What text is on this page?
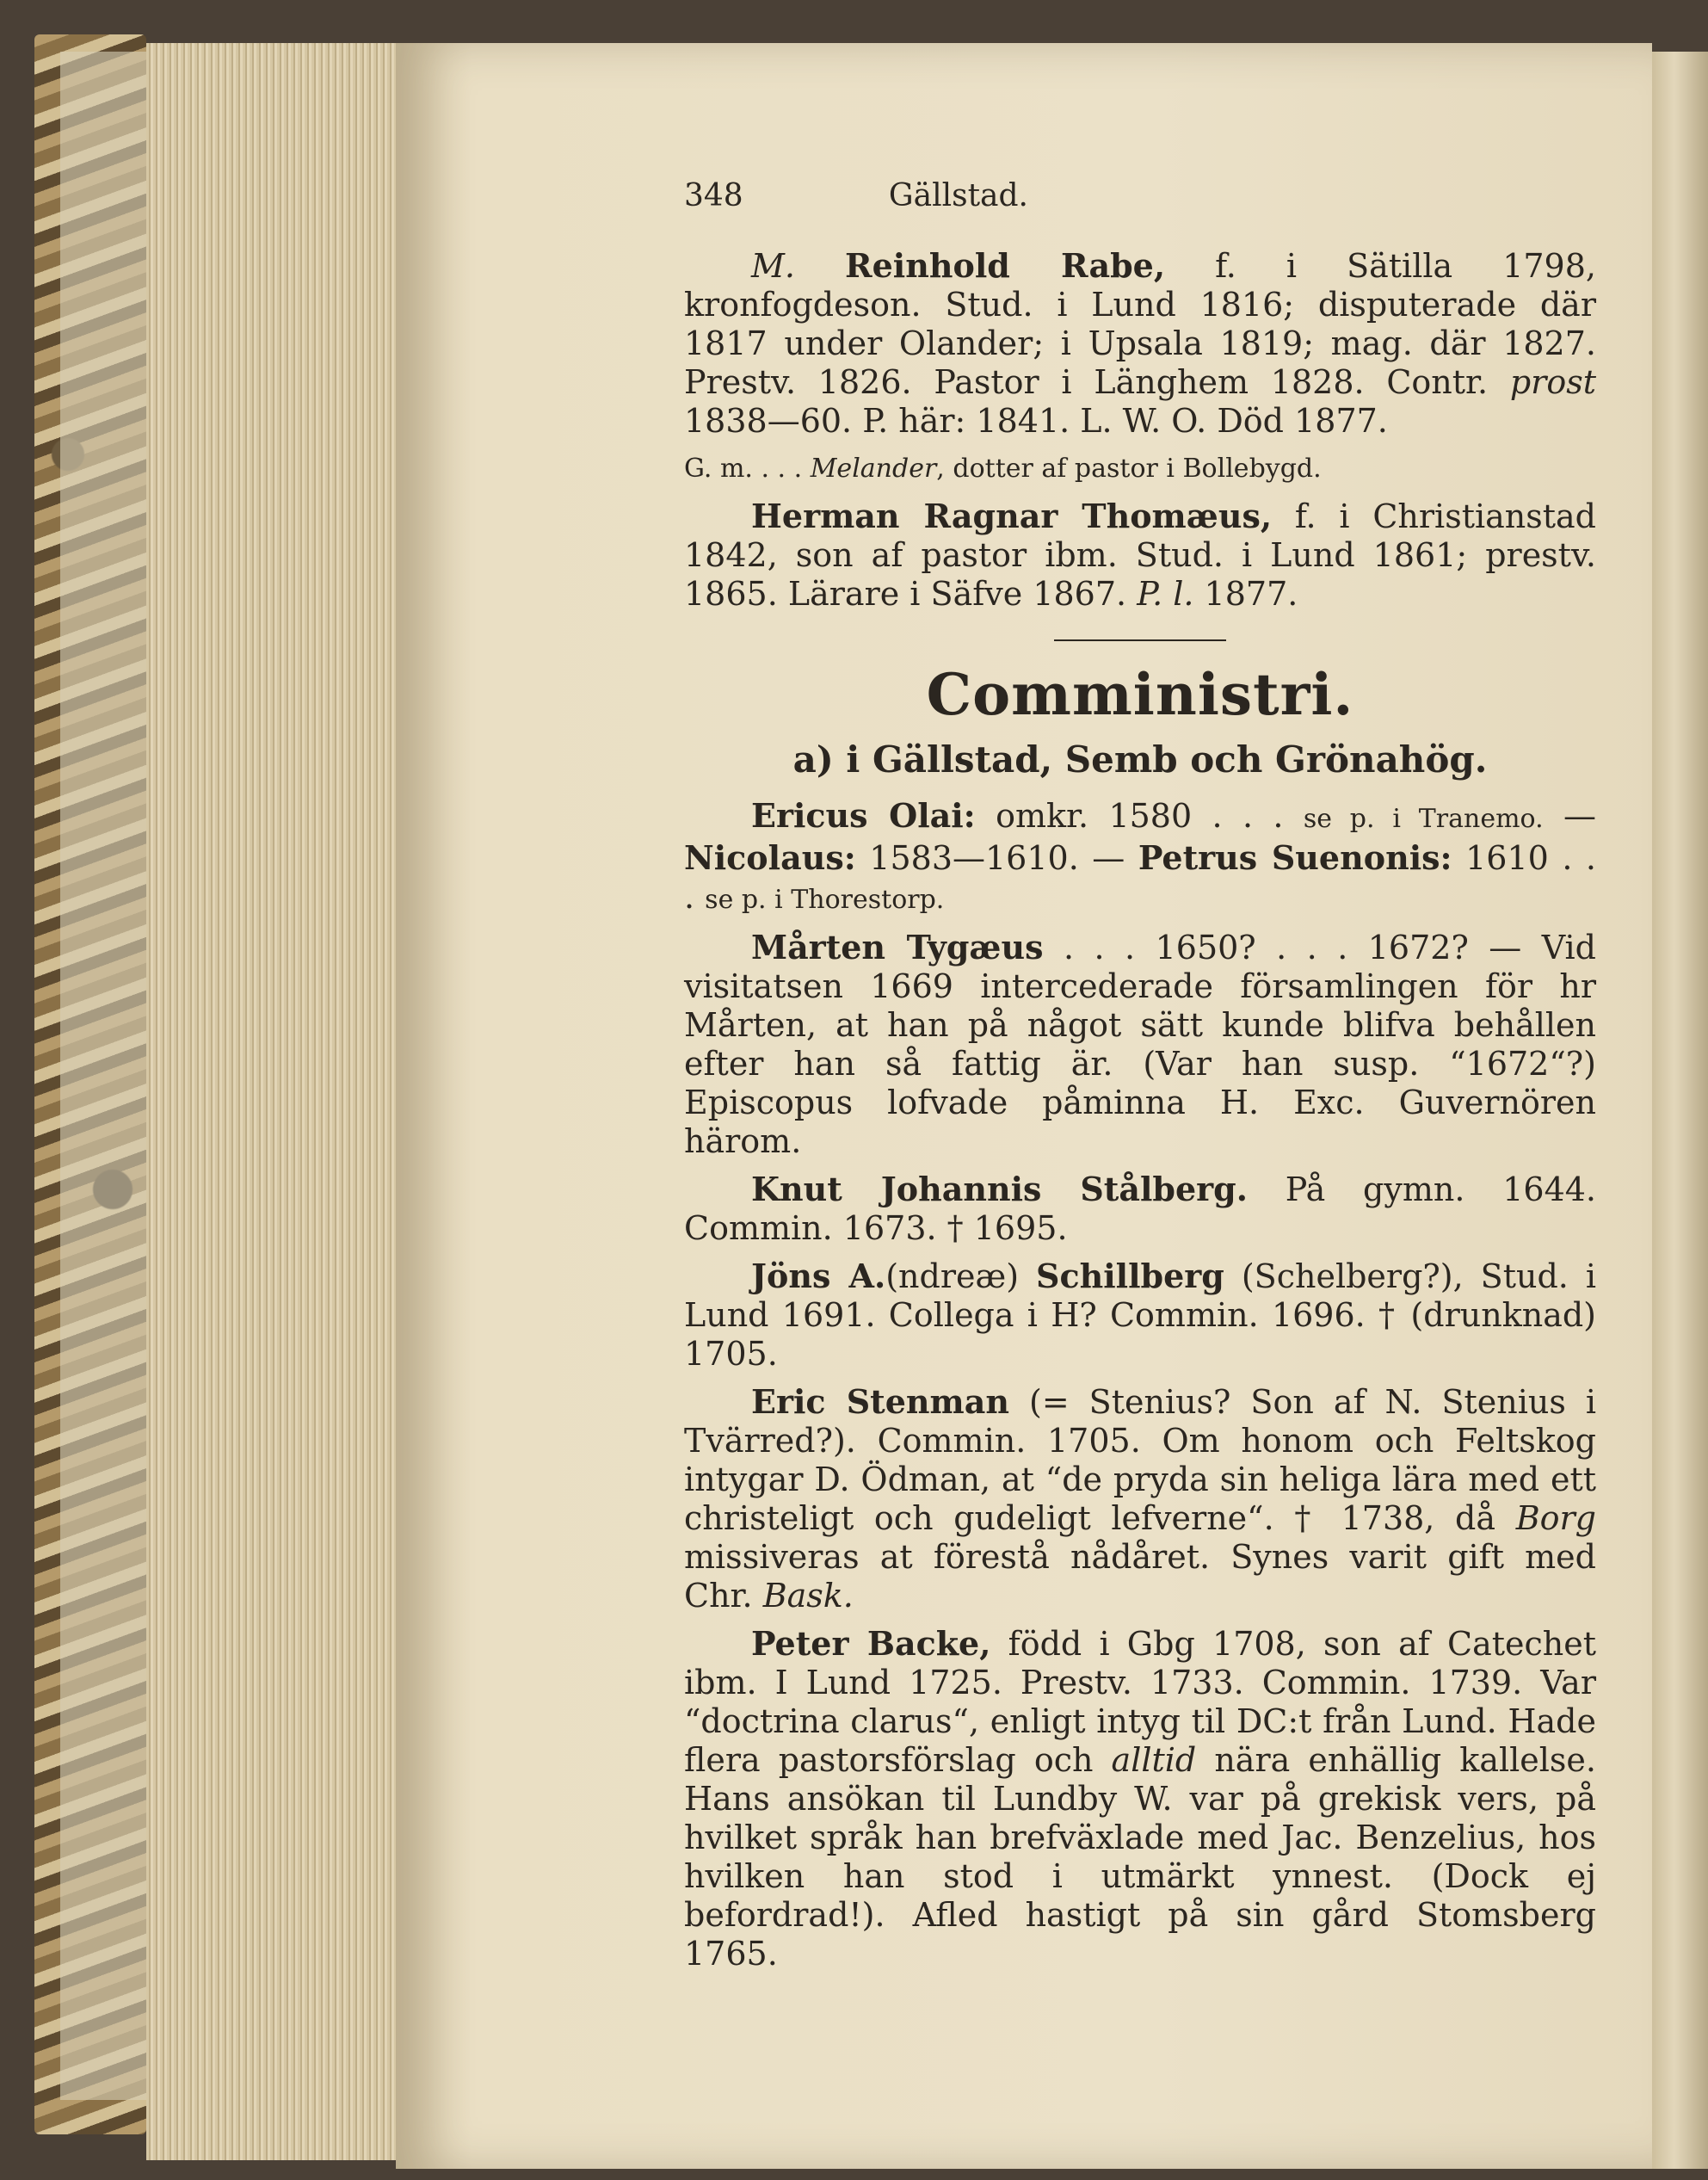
348	Gällstad.

M. Reinhold Rabe, f. i Sätilla 1798, kronfogdeson. Stud. i Lund 1816; disputerade där 1817 under Olander; i Upsala 1819; mag. där 1827. Prestv. 1826. Pastor i Länghem 1828. Contr. prost 1838—60. P. här: 1841. L. W. O. Död 1877.

G. m. . . . Melander, dotter af pastor i Bollebygd.

Herman Ragnar Thomæus, f. i Christianstad 1842, son af pastor ibm. Stud. i Lund 1861; prestv. 1865. Lärare i Säfve 1867. P. l. 1877.

Comministri.
a) i Gällstad, Semb och Grönahög.

Ericus Olai: omkr. 1580 . . . se p. i Tranemo. — Nicolaus: 1583—1610. — Petrus Suenonis: 1610 . . . se p. i Thorestorp.

Mårten Tygæus . . . 1650? . . . 1672? — Vid visitatsen 1669 intercederade församlingen för hr Mårten, at han på något sätt kunde blifva behållen efter han så fattig är. (Var han susp. “1672“?) Episcopus lofvade påminna H. Exc. Guvernören härom.

Knut Johannis Stålberg. På gymn. 1644. Commin. 1673. † 1695.

Jöns A.(ndreæ) Schillberg (Schelberg?), Stud. i Lund 1691. Collega i H? Commin. 1696. † (drunknad) 1705.

Eric Stenman (= Stenius? Son af N. Stenius i Tvärred?). Commin. 1705. Om honom och Feltskog intygar D. Ödman, at “de pryda sin heliga lära med ett christeligt och gudeligt lefverne“. † 1738, då Borg missiveras at förestå nådåret. Synes varit gift med Chr. Bask.

Peter Backe, född i Gbg 1708, son af Catechet ibm. I Lund 1725. Prestv. 1733. Commin. 1739. Var “doctrina clarus“, enligt intyg til DC:t från Lund. Hade flera pastorsförslag och alltid nära enhällig kallelse. Hans ansökan til Lundby W. var på grekisk vers, på hvilket språk han brefväxlade med Jac. Benzelius, hos hvilken han stod i utmärkt ynnest. (Dock ej befordrad!). Afled hastigt på sin gård Stomsberg 1765.
